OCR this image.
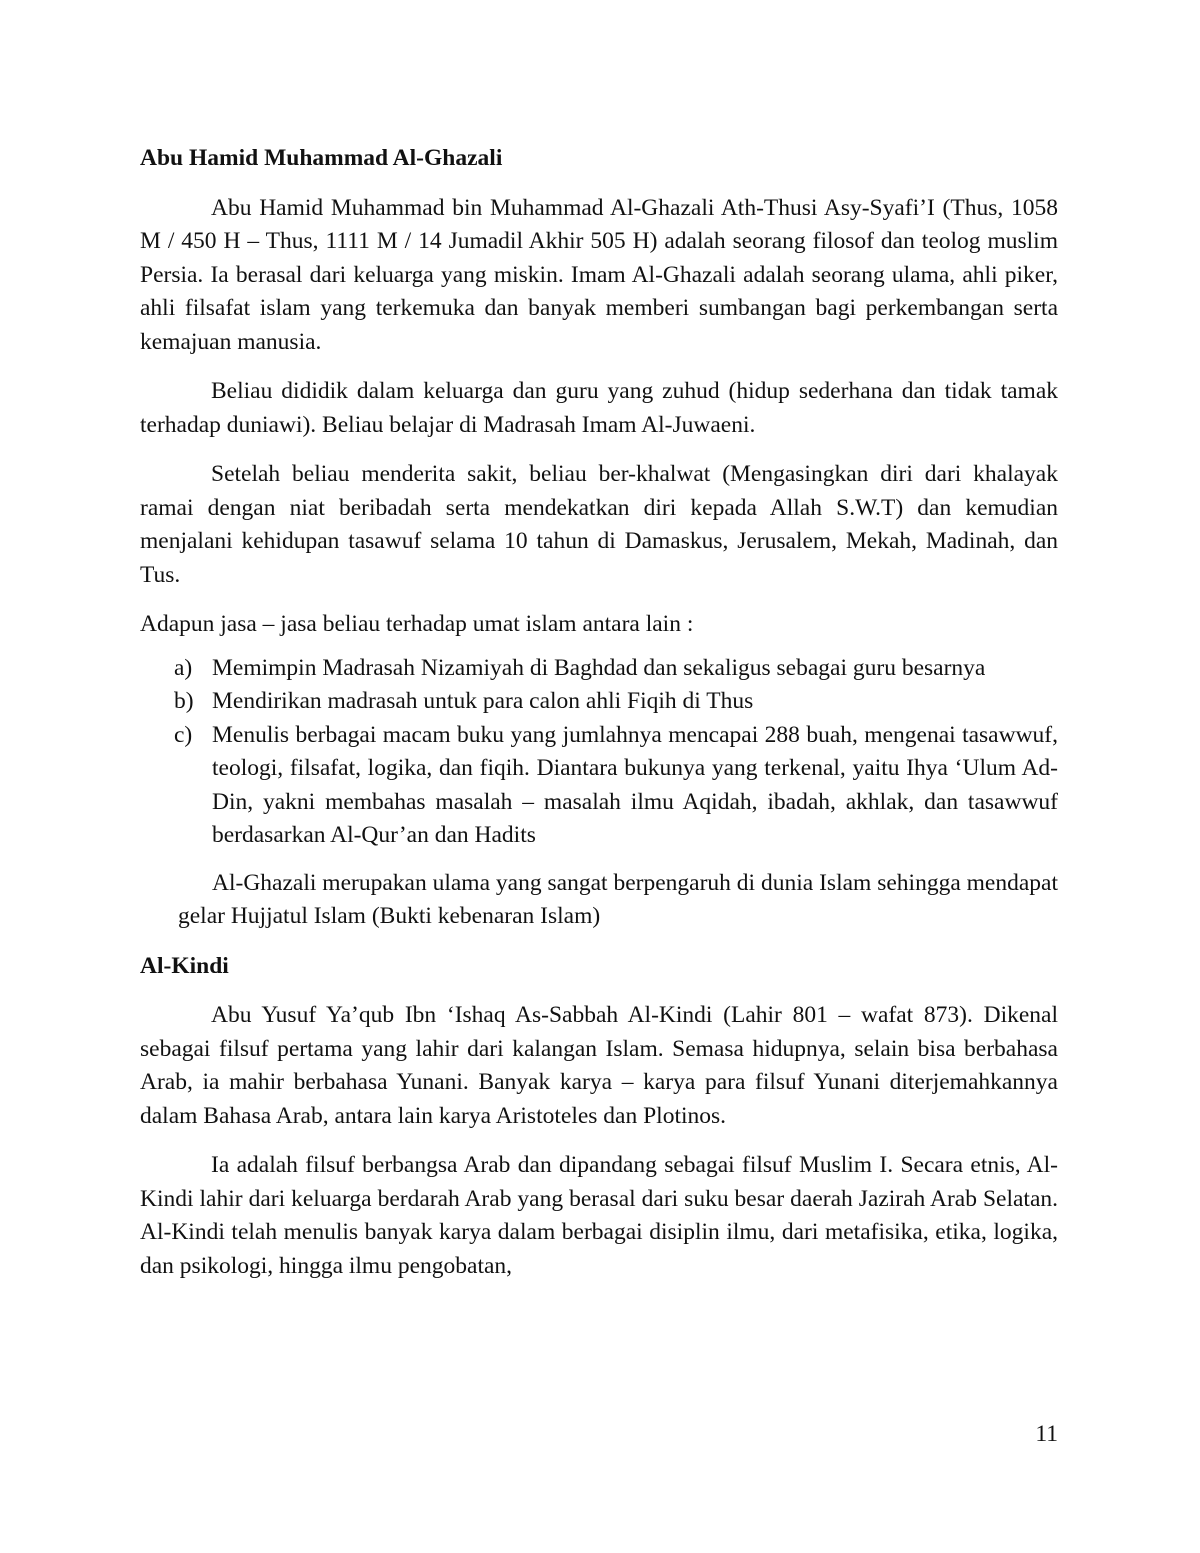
Abu Hamid Muhammad Al-Ghazali

Abu Hamid Muhammad bin Muhammad Al-Ghazali Ath-Thusi Asy-Syafi’I (Thus, 1058 M / 450 H – Thus, 1111 M / 14 Jumadil Akhir 505 H) adalah seorang filosof dan teolog muslim Persia. Ia berasal dari keluarga yang miskin. Imam Al-Ghazali adalah seorang ulama, ahli piker, ahli filsafat islam yang terkemuka dan banyak memberi sumbangan bagi perkembangan serta kemajuan manusia.

Beliau dididik dalam keluarga dan guru yang zuhud (hidup sederhana dan tidak tamak terhadap duniawi). Beliau belajar di Madrasah Imam Al-Juwaeni.

Setelah beliau menderita sakit, beliau ber-khalwat (Mengasingkan diri dari khalayak ramai dengan niat beribadah serta mendekatkan diri kepada Allah S.W.T) dan kemudian menjalani kehidupan tasawuf selama 10 tahun di Damaskus, Jerusalem, Mekah, Madinah, dan Tus.

Adapun jasa – jasa beliau terhadap umat islam antara lain :

a) Memimpin Madrasah Nizamiyah di Baghdad dan sekaligus sebagai guru besarnya
b) Mendirikan madrasah untuk para calon ahli Fiqih di Thus
c) Menulis berbagai macam buku yang jumlahnya mencapai 288 buah, mengenai tasawwuf, teologi, filsafat, logika, dan fiqih. Diantara bukunya yang terkenal, yaitu Ihya ‘Ulum Ad-Din, yakni membahas masalah – masalah ilmu Aqidah, ibadah, akhlak, dan tasawwuf berdasarkan Al-Qur’an dan Hadits

Al-Ghazali merupakan ulama yang sangat berpengaruh di dunia Islam sehingga mendapat gelar Hujjatul Islam (Bukti kebenaran Islam)

Al-Kindi

Abu Yusuf Ya’qub Ibn ‘Ishaq As-Sabbah Al-Kindi (Lahir 801 – wafat 873). Dikenal sebagai filsuf pertama yang lahir dari kalangan Islam. Semasa hidupnya, selain bisa berbahasa Arab, ia mahir berbahasa Yunani. Banyak karya – karya para filsuf Yunani diterjemahkannya dalam Bahasa Arab, antara lain karya Aristoteles dan Plotinos.

Ia adalah filsuf berbangsa Arab dan dipandang sebagai filsuf Muslim I. Secara etnis, Al-Kindi lahir dari keluarga berdarah Arab yang berasal dari suku besar daerah Jazirah Arab Selatan. Al-Kindi telah menulis banyak karya dalam berbagai disiplin ilmu, dari metafisika, etika, logika, dan psikologi, hingga ilmu pengobatan,

11
